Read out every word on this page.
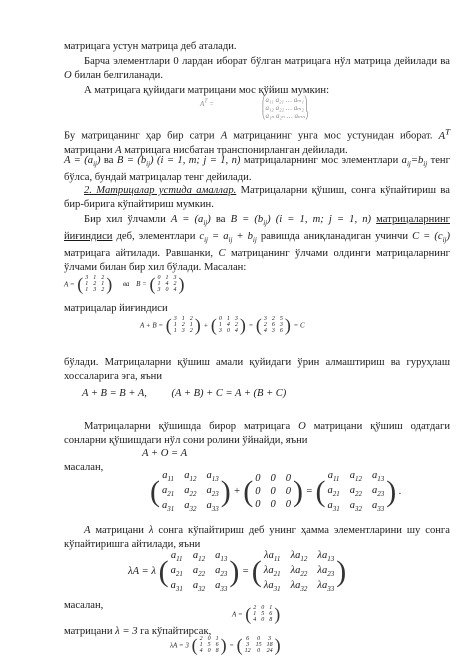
матрицага устун матрица деб аталади.

Барча элементлари 0 лардан иборат бўлган матрицага нўл матрица дейилади ва O билан белгиланади.

А матрицага қуйидаги матрицани мос қўйиш мумкин:

$A^T$ =	⎛a₁₁ a₂₁ … aₘ₁⎞
⎜a₁₂ a₂₂ … aₘ₂⎟
⎝a₁ₙ a₂ₙ … aₘₙ⎠

Бу матрицанинг ҳар бир сатри A матрицанинг унга мос устунидан иборат. $A^T$ матрицани A матрицага нисбатан транспонирланган дейилади.

$A = (a_{ij})$ ва $B = (b_{ij}) (i = 1$, m; j = 1, n) матрицаларнинг мос элементлари $a_{ij}=b_{ij}$ тенг бўлса, бундай матрицалар тенг дейилади.

2. Матрицалар устида амаллар. Матрицаларни қўшиш, сонга кўпайтириш ва бир-бирига кўпайтириш мумкин.

Бир хил ўлчамли $A = (a_{ij})$ ва $B = (b_{ij}) (i = 1$, m; j = 1, n) матрицаларнинг йиғиндиси деб, элементлари $c_{ij} = a_{ij} + b_{ij}$ равишда аниқланадиган учинчи $C = (c_{ij})$ матрицага айтилади. Равшанки, C матрицанинг ўлчами олдинги матрицаларнинг ўлчами билан бир хил бўлади. Масалан:

A = ( 3 1 2
1 2 1
1 3 2 ) ва B = ( 0 1 3
1 4 2
3 0 4 )

матрицалар йиғиндиси

A + B = ( 3 1 2
1 2 1
1 3 2 ) + ( 0 1 3
1 4 2
3 0 4 ) = ( 3 2 5
2 6 3
4 3 6 ) = C

бўлади. Матрицаларни қўшиш амали қуйидаги ўрин алмаштириш ва гуруҳлаш хоссаларига эга, яъни

A + B = B + A, (A + B) + C = A + (B + C)

Матрицаларни қўшишда бирор матрицага O матрицани қўшиш одатдаги сонларни қўшишдаги нўл сони ролини ўйнайди, яъни

A + O = A

масалан,

( $a_{11}$ $a_{12}$ $a_{13}$
$a_{21}$ $a_{22}$ $a_{23}$
$a_{31}$ $a_{32}$ $a_{33}$
) + ( 0 0 0
0 0 0
0 0 0 ) = ( $a_{11}$ $a_{12}$ $a_{13}$
$a_{21}$ $a_{22}$ $a_{23}$
$a_{31}$ $a_{32}$ $a_{33}$
) .

A матрицани λ сонга кўпайтириш деб унинг ҳамма элементларини шу сонга кўпайтиришга айтилади, яъни

λA = λ ( $a_{11}$ $a_{12}$ $a_{13}$
$a_{21}$ $a_{22}$ $a_{23}$
$a_{31}$ $a_{32}$ $a_{33}$
) = ( $\lambda a_{11}$ $\lambda a_{12}$ $\lambda a_{13}$
$\lambda a_{21}$ $\lambda a_{22}$ $\lambda a_{23}$
$\lambda a_{31}$ $\lambda a_{32}$ $\lambda a_{33}$
)

масалан,

A = ( 2 0 1
1 5 6
4 0 8 )

матрицани λ = 3 га кўпайтирсак,

λA = 3 ( 2 0 1
1 5 6
4 0 8 ) = ( 6 0 3
3 15 18
12 0 24 )
